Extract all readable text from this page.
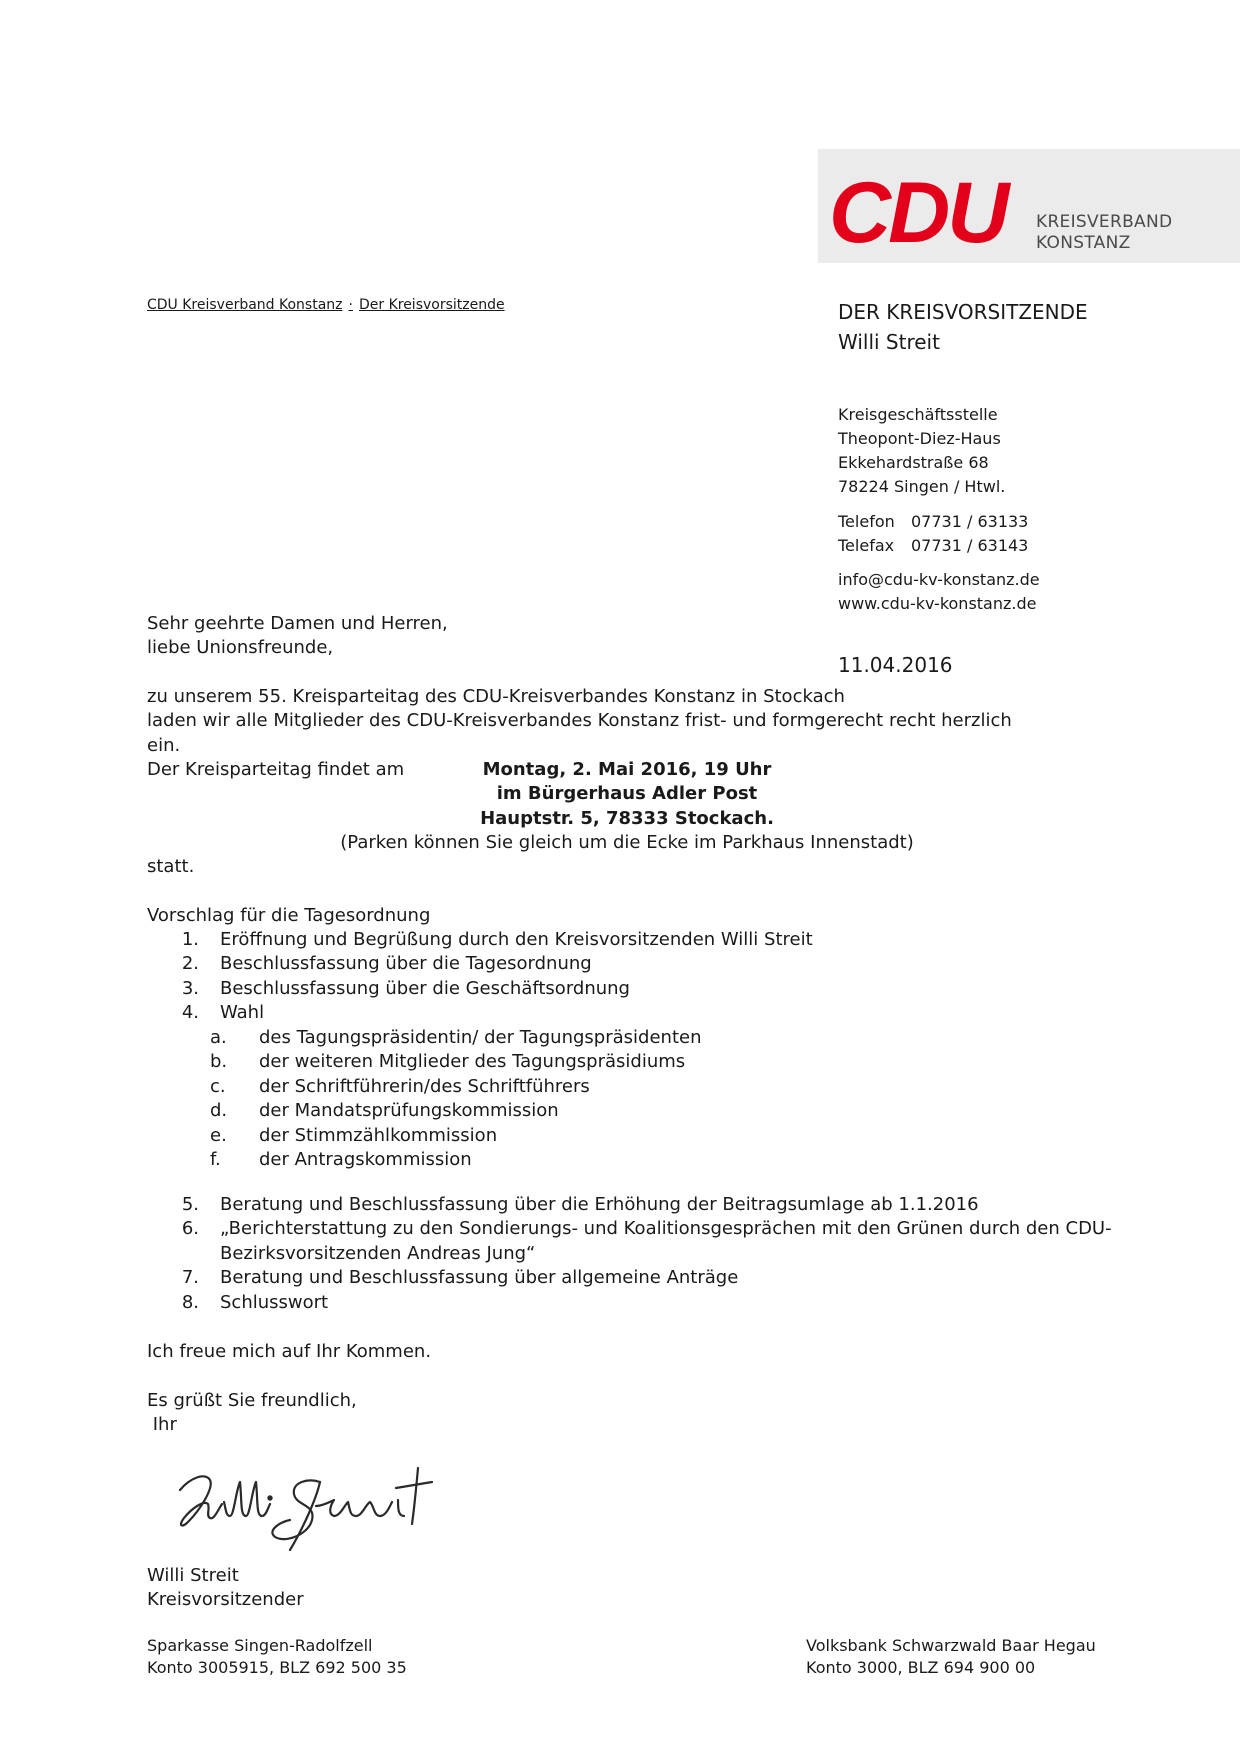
CDU KREISVERBAND
KONSTANZ
CDU Kreisverband Konstanz · Der Kreisvorsitzende	DER KREISVORSITZENDE
Willi Streit
Kreisgeschäftsstelle
Theopont-Diez-Haus
Ekkehardstraße 68
78224 Singen / Htwl.
Telefon 07731 / 63133
Telefax 07731 / 63143
info@cdu-kv-konstanz.de
www.cdu-kv-konstanz.de
11.04.2016
Sehr geehrte Damen und Herren,
liebe Unionsfreunde,
zu unserem 55. Kreisparteitag des CDU-Kreisverbandes Konstanz in Stockach
laden wir alle Mitglieder des CDU-Kreisverbandes Konstanz frist- und formgerecht recht herzlich ein.
Der Kreisparteitag findet am	Montag, 2. Mai 2016, 19 Uhr
im Bürgerhaus Adler Post
Hauptstr. 5, 78333 Stockach.
(Parken können Sie gleich um die Ecke im Parkhaus Innenstadt)
statt.
Vorschlag für die Tagesordnung
1. Eröffnung und Begrüßung durch den Kreisvorsitzenden Willi Streit
2. Beschlussfassung über die Tagesordnung
3. Beschlussfassung über die Geschäftsordnung
4. Wahl
a.	des Tagungspräsidentin/ der Tagungspräsidenten
b.	der weiteren Mitglieder des Tagungspräsidiums
c.	der Schriftführerin/des Schriftführers
d.	der Mandatsprüfungskommission
e.	der Stimmzählkommission
f.	der Antragskommission
5. Beratung und Beschlussfassung über die Erhöhung der Beitragsumlage ab 1.1.2016
6. „Berichterstattung zu den Sondierungs- und Koalitionsgesprächen mit den Grünen durch den CDU-
Bezirksvorsitzenden Andreas Jung“
7. Beratung und Beschlussfassung über allgemeine Anträge
8. Schlusswort
Ich freue mich auf Ihr Kommen.
Es grüßt Sie freundlich,
Ihr
Willi Streit
Kreisvorsitzender
Sparkasse Singen-Radolfzell
Konto 3005915, BLZ 692 500 35
Volksbank Schwarzwald Baar Hegau
Konto 3000, BLZ 694 900 00
